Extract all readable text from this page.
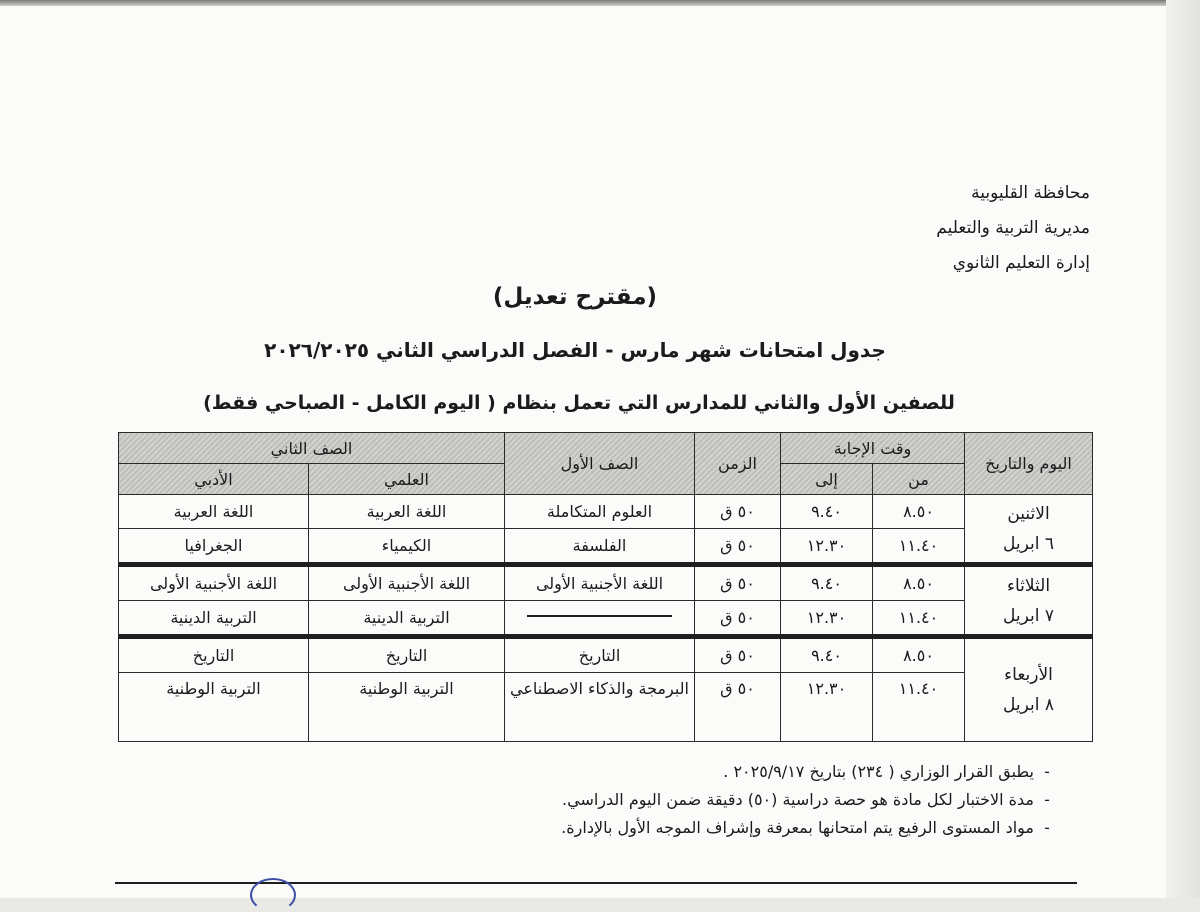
محافظة القليوبية
مديرية التربية والتعليم
إدارة التعليم الثانوي
(مقترح تعديل)
جدول امتحانات شهر مارس - الفصل الدراسي الثاني ٢٠٢٦/٢٠٢٥
للصفين الأول والثاني للمدارس التي تعمل بنظام ( اليوم الكامل - الصباحي فقط)
اليوم والتاريخ	وقت الإجابة		الزمن	الصف الأول	الصف الثاني	
	من	إلى			العلمي	الأدبي

الاثنين
٦ ابريل	٨.٥٠	٩.٤٠	٥٠ ق	العلوم المتكاملة	اللغة العربية	اللغة العربية
	١١.٤٠	١٢.٣٠	٥٠ ق	الفلسفة	الكيمياء	الجغرافيا

الثلاثاء
٧ ابريل	٨.٥٠	٩.٤٠	٥٠ ق	اللغة الأجنبية الأولى	اللغة الأجنبية الأولى	اللغة الأجنبية الأولى
	١١.٤٠	١٢.٣٠	٥٠ ق		التربية الدينية	التربية الدينية

الأربعاء
٨ ابريل	٨.٥٠	٩.٤٠	٥٠ ق	التاريخ	التاريخ	التاريخ
	١١.٤٠	١٢.٣٠	٥٠ ق	البرمجة والذكاء الاصطناعي	التربية الوطنية	التربية الوطنية
-يطبق القرار الوزاري ( ٢٣٤) بتاريخ ٢٠٢٥/٩/١٧ .
-مدة الاختبار لكل مادة هو حصة دراسية (٥٠) دقيقة ضمن اليوم الدراسي.
-مواد المستوى الرفيع يتم امتحانها بمعرفة وإشراف الموجه الأول بالإدارة.
